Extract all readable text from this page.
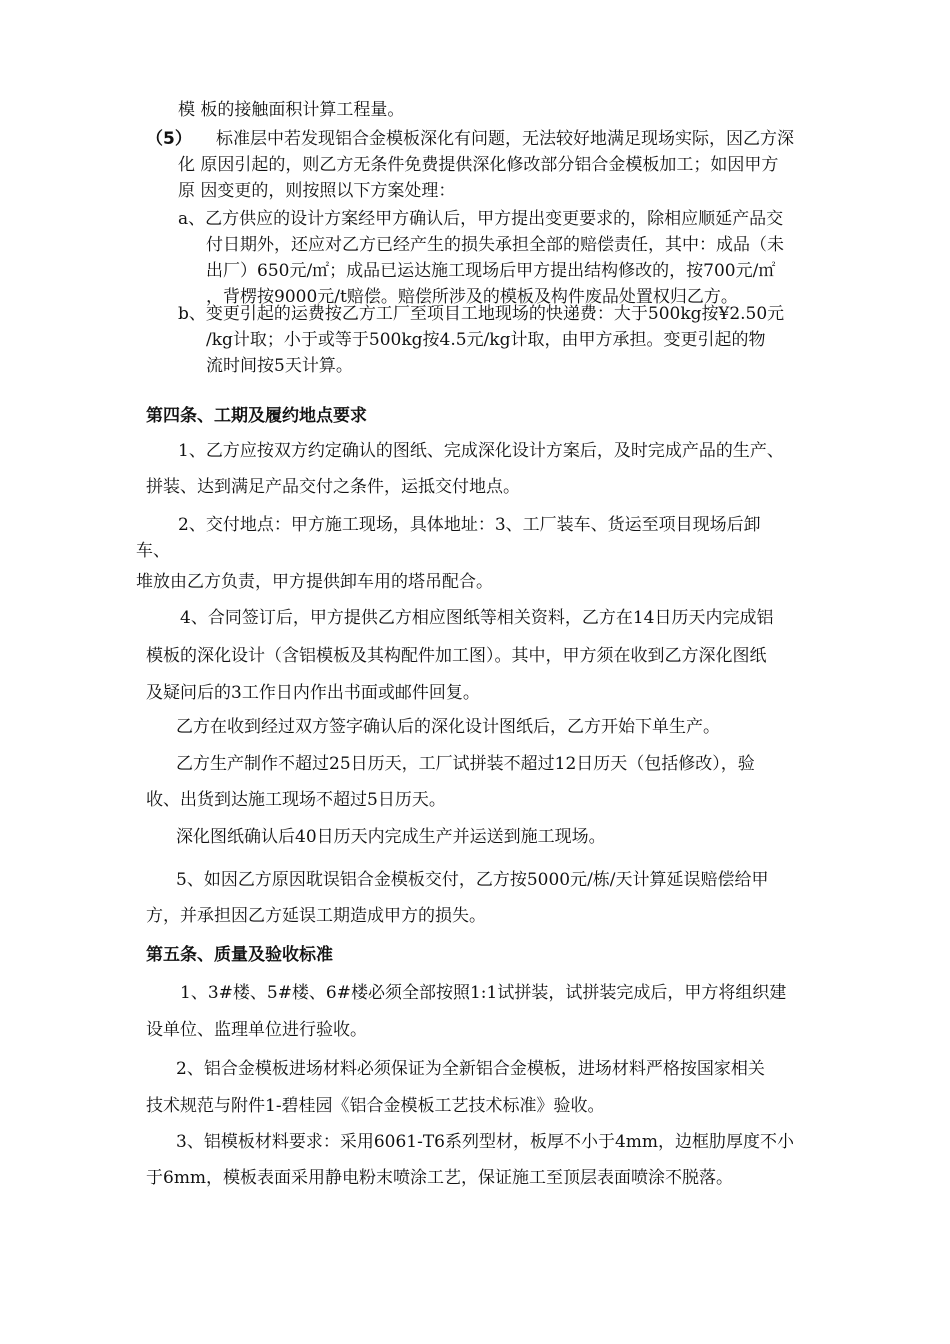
模 板的接触面积计算工程量。
（5） 标准层中若发现铝合金模板深化有问题，无法较好地满足现场实际，因乙方深
化 原因引起的，则乙方无条件免费提供深化修改部分铝合金模板加工；如因甲方
原 因变更的，则按照以下方案处理：
a、乙方供应的设计方案经甲方确认后，甲方提出变更要求的，除相应顺延产品交
付日期外，还应对乙方已经产生的损失承担全部的赔偿责任，其中：成品（未
出厂）650元/㎡；成品已运达施工现场后甲方提出结构修改的，按700元/㎡
，背楞按9000元/t赔偿。赔偿所涉及的模板及构件废品处置权归乙方。
b、变更引起的运费按乙方工厂至项目工地现场的快递费：大于500kg按¥2.50元
/kg计取；小于或等于500kg按4.5元/kg计取，由甲方承担。变更引起的物
流时间按5天计算。
第四条、工期及履约地点要求
1、乙方应按双方约定确认的图纸、完成深化设计方案后，及时完成产品的生产、
拼装、达到满足产品交付之条件，运抵交付地点。
2、交付地点：甲方施工现场，具体地址：3、工厂装车、货运至项目现场后卸
车、
堆放由乙方负责，甲方提供卸车用的塔吊配合。
4、合同签订后，甲方提供乙方相应图纸等相关资料，乙方在14日历天内完成铝
模板的深化设计（含铝模板及其构配件加工图）。其中，甲方须在收到乙方深化图纸
及疑问后的3工作日内作出书面或邮件回复。
乙方在收到经过双方签字确认后的深化设计图纸后，乙方开始下单生产。
乙方生产制作不超过25日历天，工厂试拼装不超过12日历天（包括修改），验
收、出货到达施工现场不超过5日历天。
深化图纸确认后40日历天内完成生产并运送到施工现场。
5、如因乙方原因耽误铝合金模板交付，乙方按5000元/栋/天计算延误赔偿给甲
方，并承担因乙方延误工期造成甲方的损失。
第五条、质量及验收标准
1、3#楼、5#楼、6#楼必须全部按照1:1试拼装，试拼装完成后，甲方将组织建
设单位、监理单位进行验收。
2、铝合金模板进场材料必须保证为全新铝合金模板，进场材料严格按国家相关
技术规范与附件1-碧桂园《铝合金模板工艺技术标准》验收。
3、铝模板材料要求：采用6061-T6系列型材，板厚不小于4mm，边框肋厚度不小
于6mm，模板表面采用静电粉末喷涂工艺，保证施工至顶层表面喷涂不脱落。
